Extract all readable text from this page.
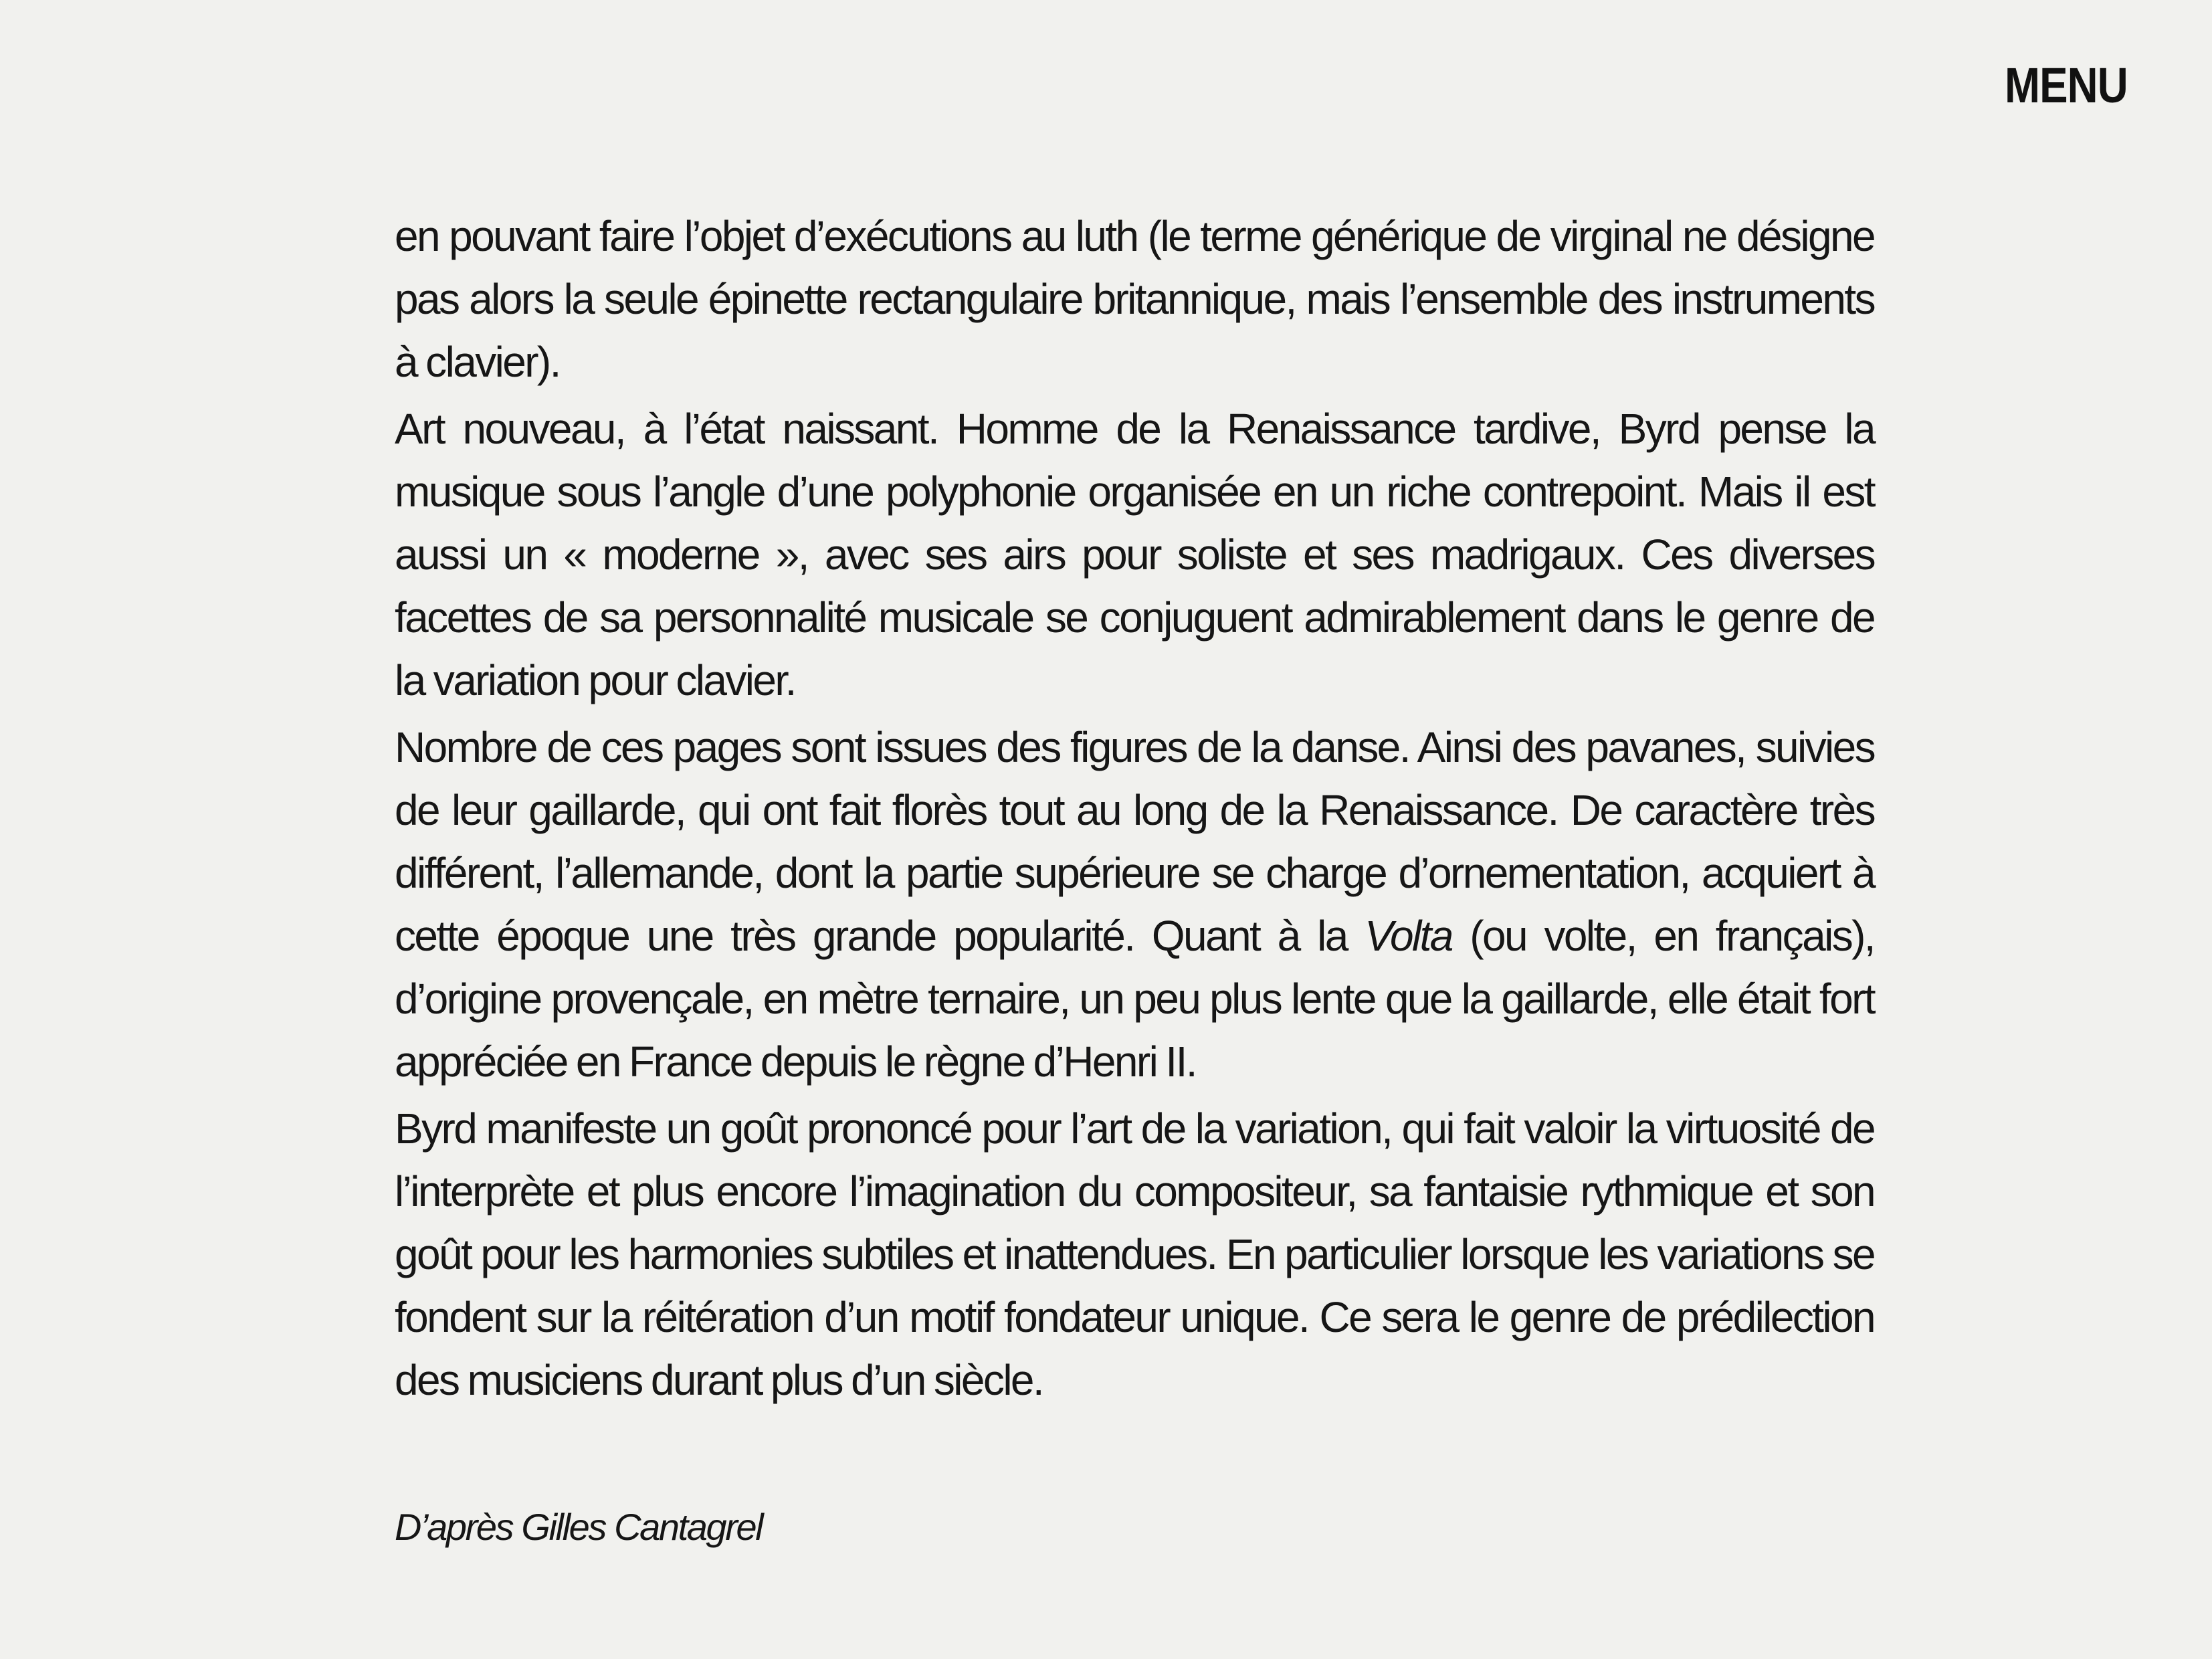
MENU

en pouvant faire l’objet d’exécutions au luth (le terme générique de virginal ne désigne pas alors la seule épinette rectangulaire britannique, mais l’ensemble des instruments à clavier).

Art nouveau, à l’état naissant. Homme de la Renaissance tardive, Byrd pense la musique sous l’angle d’une polyphonie organisée en un riche contrepoint. Mais il est aussi un « moderne », avec ses airs pour soliste et ses madrigaux. Ces diverses facettes de sa personnalité musicale se conjuguent admirablement dans le genre de la variation pour clavier.

Nombre de ces pages sont issues des figures de la danse. Ainsi des pavanes, suivies de leur gaillarde, qui ont fait florès tout au long de la Renaissance. De caractère très différent, l’allemande, dont la partie supérieure se charge d’ornementation, acquiert à cette époque une très grande popularité. Quant à la Volta (ou volte, en français), d’origine provençale, en mètre ternaire, un peu plus lente que la gaillarde, elle était fort appréciée en France depuis le règne d’Henri II.

Byrd manifeste un goût prononcé pour l’art de la variation, qui fait valoir la virtuosité de l’interprète et plus encore l’imagination du compositeur, sa fantaisie rythmique et son goût pour les harmonies subtiles et inattendues. En particulier lorsque les variations se fondent sur la réitération d’un motif fondateur unique. Ce sera le genre de prédilection des musiciens durant plus d’un siècle.

D’après Gilles Cantagrel
